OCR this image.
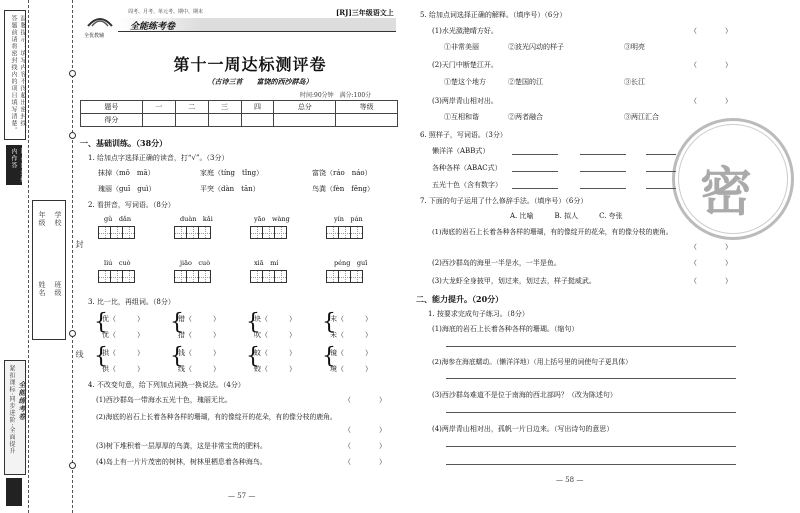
温馨提示：填写内容不得超出密封线，答题前请将密封线内的项目填写清楚。
请在密封线内作答
年级
姓名
学校
班级
封
线
紧扣课标·同步进阶·全面提升 全能练考卷
全优教辅
周考、月考、单元考、期中、期末	[RJ]三年级语文上
全能练考卷
第十一周达标测评卷
（古诗三首　　富饶的西沙群岛）
时间:90分钟　满分:100分
题号	一	二	三	四	总分	等级
得分						
一、基础训练。（38分）
1. 给加点字选择正确的读音，打“√”。（3分）
抹掉（mǒ　mā）	家庭（tíng　tǐng）	富饶（ráo　náo）
瑰丽（guī　guì）	平突（dàn　tān）	鸟粪（fèn　fēng）
2. 看拼音，写词语。（8分）
gǔ　dǎn	duàn　kǎi	yāo　wàng	yín　pán
liú　cuò	jiāo　cuò	xiā　mí	péng　guī
3. 比一比，再组词。（8分）
{	{	{	{
{	{	{	{
优（　　　）	错（　　　）	块（　　　）	末（　　　）
忧（　　　）	措（　　　）	吹（　　　）	未（　　　）
拱（　　　）	钱（　　　）	蚊（　　　）	镜（　　　）
供（　　　）	线（　　　）	蛟（　　　）	境（　　　）
4. 不改变句意，给下列加点词换一换说法。（4分）
(1)西沙群岛一带海水五光十色，瑰丽无比。	（　　　　）
(2)海底的岩石上长着各种各样的珊瑚，有的像绽开的花朵，有的像分枝的鹿角。
（　　　　）
(3)树下堆积着一层厚厚的鸟粪，这是非常宝贵的肥料。	（　　　　）
(4)岛上有一片片茂密的树林，树林里栖息着各种海鸟。	（　　　　）
— 57 —
密
5. 给加点词选择正确的解释。（填序号）（6分）
(1)水光潋滟晴方好。	（　　　　）
①非常美丽	②波光闪动的样子	③明亮
(2)天门中断楚江开。	（　　　　）
①楚这个地方	②楚国的江	③长江
(3)两岸青山相对出。	（　　　　）
①互相和谐	②两者融合	③两江汇合
6. 照样子，写词语。（3分）
懒洋洋（ABB式）
各种各样（ABAC式）
五光十色（含有数字）
7. 下面的句子运用了什么修辞手法。（填序号）（6分）
A. 比喻　　　B. 拟人　　　C. 夸张
(1)海底的岩石上长着各种各样的珊瑚，有的像绽开的花朵，有的像分枝的鹿角。
（　　　　）
(2)西沙群岛的海里一半是水，一半是鱼。	（　　　　）
(3)大龙虾全身披甲，划过来，划过去，样子挺威武。	（　　　　）
二、能力提升。（20分）
1. 按要求完成句子练习。（8分）
(1)海底的岩石上长着各种各样的珊瑚。（缩句）
(2)海参在海底蠕动。（懒洋洋地）（用上括号里的词使句子更具体）
(3)西沙群岛难道不是位于南海的西北部吗？（改为陈述句）
(4)两岸青山相对出，孤帆一片日边来。（写出诗句的意思）
— 58 —
